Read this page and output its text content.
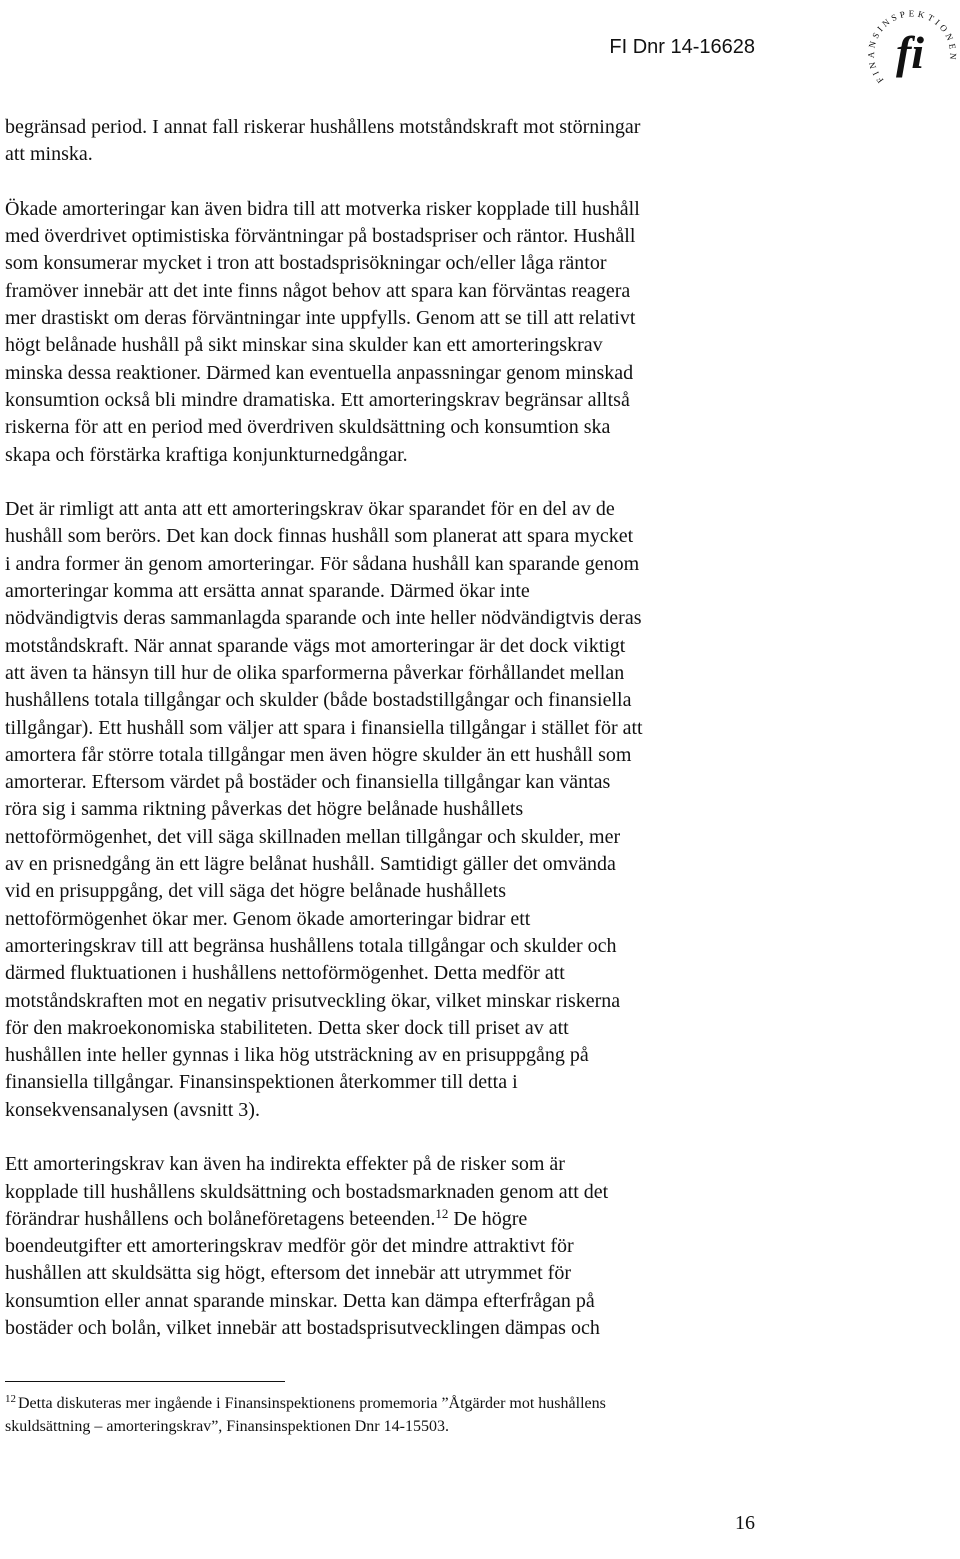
FI Dnr 14-16628
FINANSINSPEKTIONEN
fi

begränsad period. I annat fall riskerar hushållens motståndskraft mot störningar
att minska.

Ökade amorteringar kan även bidra till att motverka risker kopplade till hushåll
med överdrivet optimistiska förväntningar på bostadspriser och räntor. Hushåll
som konsumerar mycket i tron att bostadsprisökningar och/eller låga räntor
framöver innebär att det inte finns något behov att spara kan förväntas reagera
mer drastiskt om deras förväntningar inte uppfylls. Genom att se till att relativt
högt belånade hushåll på sikt minskar sina skulder kan ett amorteringskrav
minska dessa reaktioner. Därmed kan eventuella anpassningar genom minskad
konsumtion också bli mindre dramatiska. Ett amorteringskrav begränsar alltså
riskerna för att en period med överdriven skuldsättning och konsumtion ska
skapa och förstärka kraftiga konjunkturnedgångar.

Det är rimligt att anta att ett amorteringskrav ökar sparandet för en del av de
hushåll som berörs. Det kan dock finnas hushåll som planerat att spara mycket
i andra former än genom amorteringar. För sådana hushåll kan sparande genom
amorteringar komma att ersätta annat sparande. Därmed ökar inte
nödvändigtvis deras sammanlagda sparande och inte heller nödvändigtvis deras
motståndskraft. När annat sparande vägs mot amorteringar är det dock viktigt
att även ta hänsyn till hur de olika sparformerna påverkar förhållandet mellan
hushållens totala tillgångar och skulder (både bostadstillgångar och finansiella
tillgångar). Ett hushåll som väljer att spara i finansiella tillgångar i stället för att
amortera får större totala tillgångar men även högre skulder än ett hushåll som
amorterar. Eftersom värdet på bostäder och finansiella tillgångar kan väntas
röra sig i samma riktning påverkas det högre belånade hushållets
nettoförmögenhet, det vill säga skillnaden mellan tillgångar och skulder, mer
av en prisnedgång än ett lägre belånat hushåll. Samtidigt gäller det omvända
vid en prisuppgång, det vill säga det högre belånade hushållets
nettoförmögenhet ökar mer. Genom ökade amorteringar bidrar ett
amorteringskrav till att begränsa hushållens totala tillgångar och skulder och
därmed fluktuationen i hushållens nettoförmögenhet. Detta medför att
motståndskraften mot en negativ prisutveckling ökar, vilket minskar riskerna
för den makroekonomiska stabiliteten. Detta sker dock till priset av att
hushållen inte heller gynnas i lika hög utsträckning av en prisuppgång på
finansiella tillgångar. Finansinspektionen återkommer till detta i
konsekvensanalysen (avsnitt 3).

Ett amorteringskrav kan även ha indirekta effekter på de risker som är
kopplade till hushållens skuldsättning och bostadsmarknaden genom att det
förändrar hushållens och bolåneföretagens beteenden.$^{12}$ De högre
boendeutgifter ett amorteringskrav medför gör det mindre attraktivt för
hushållen att skuldsätta sig högt, eftersom det innebär att utrymmet för
konsumtion eller annat sparande minskar. Detta kan dämpa efterfrågan på
bostäder och bolån, vilket innebär att bostadsprisutvecklingen dämpas och

$^{12}$ Detta diskuteras mer ingående i Finansinspektionens promemoria ”Åtgärder mot hushållens
skuldsättning – amorteringskrav”, Finansinspektionen Dnr 14-15503.
16
